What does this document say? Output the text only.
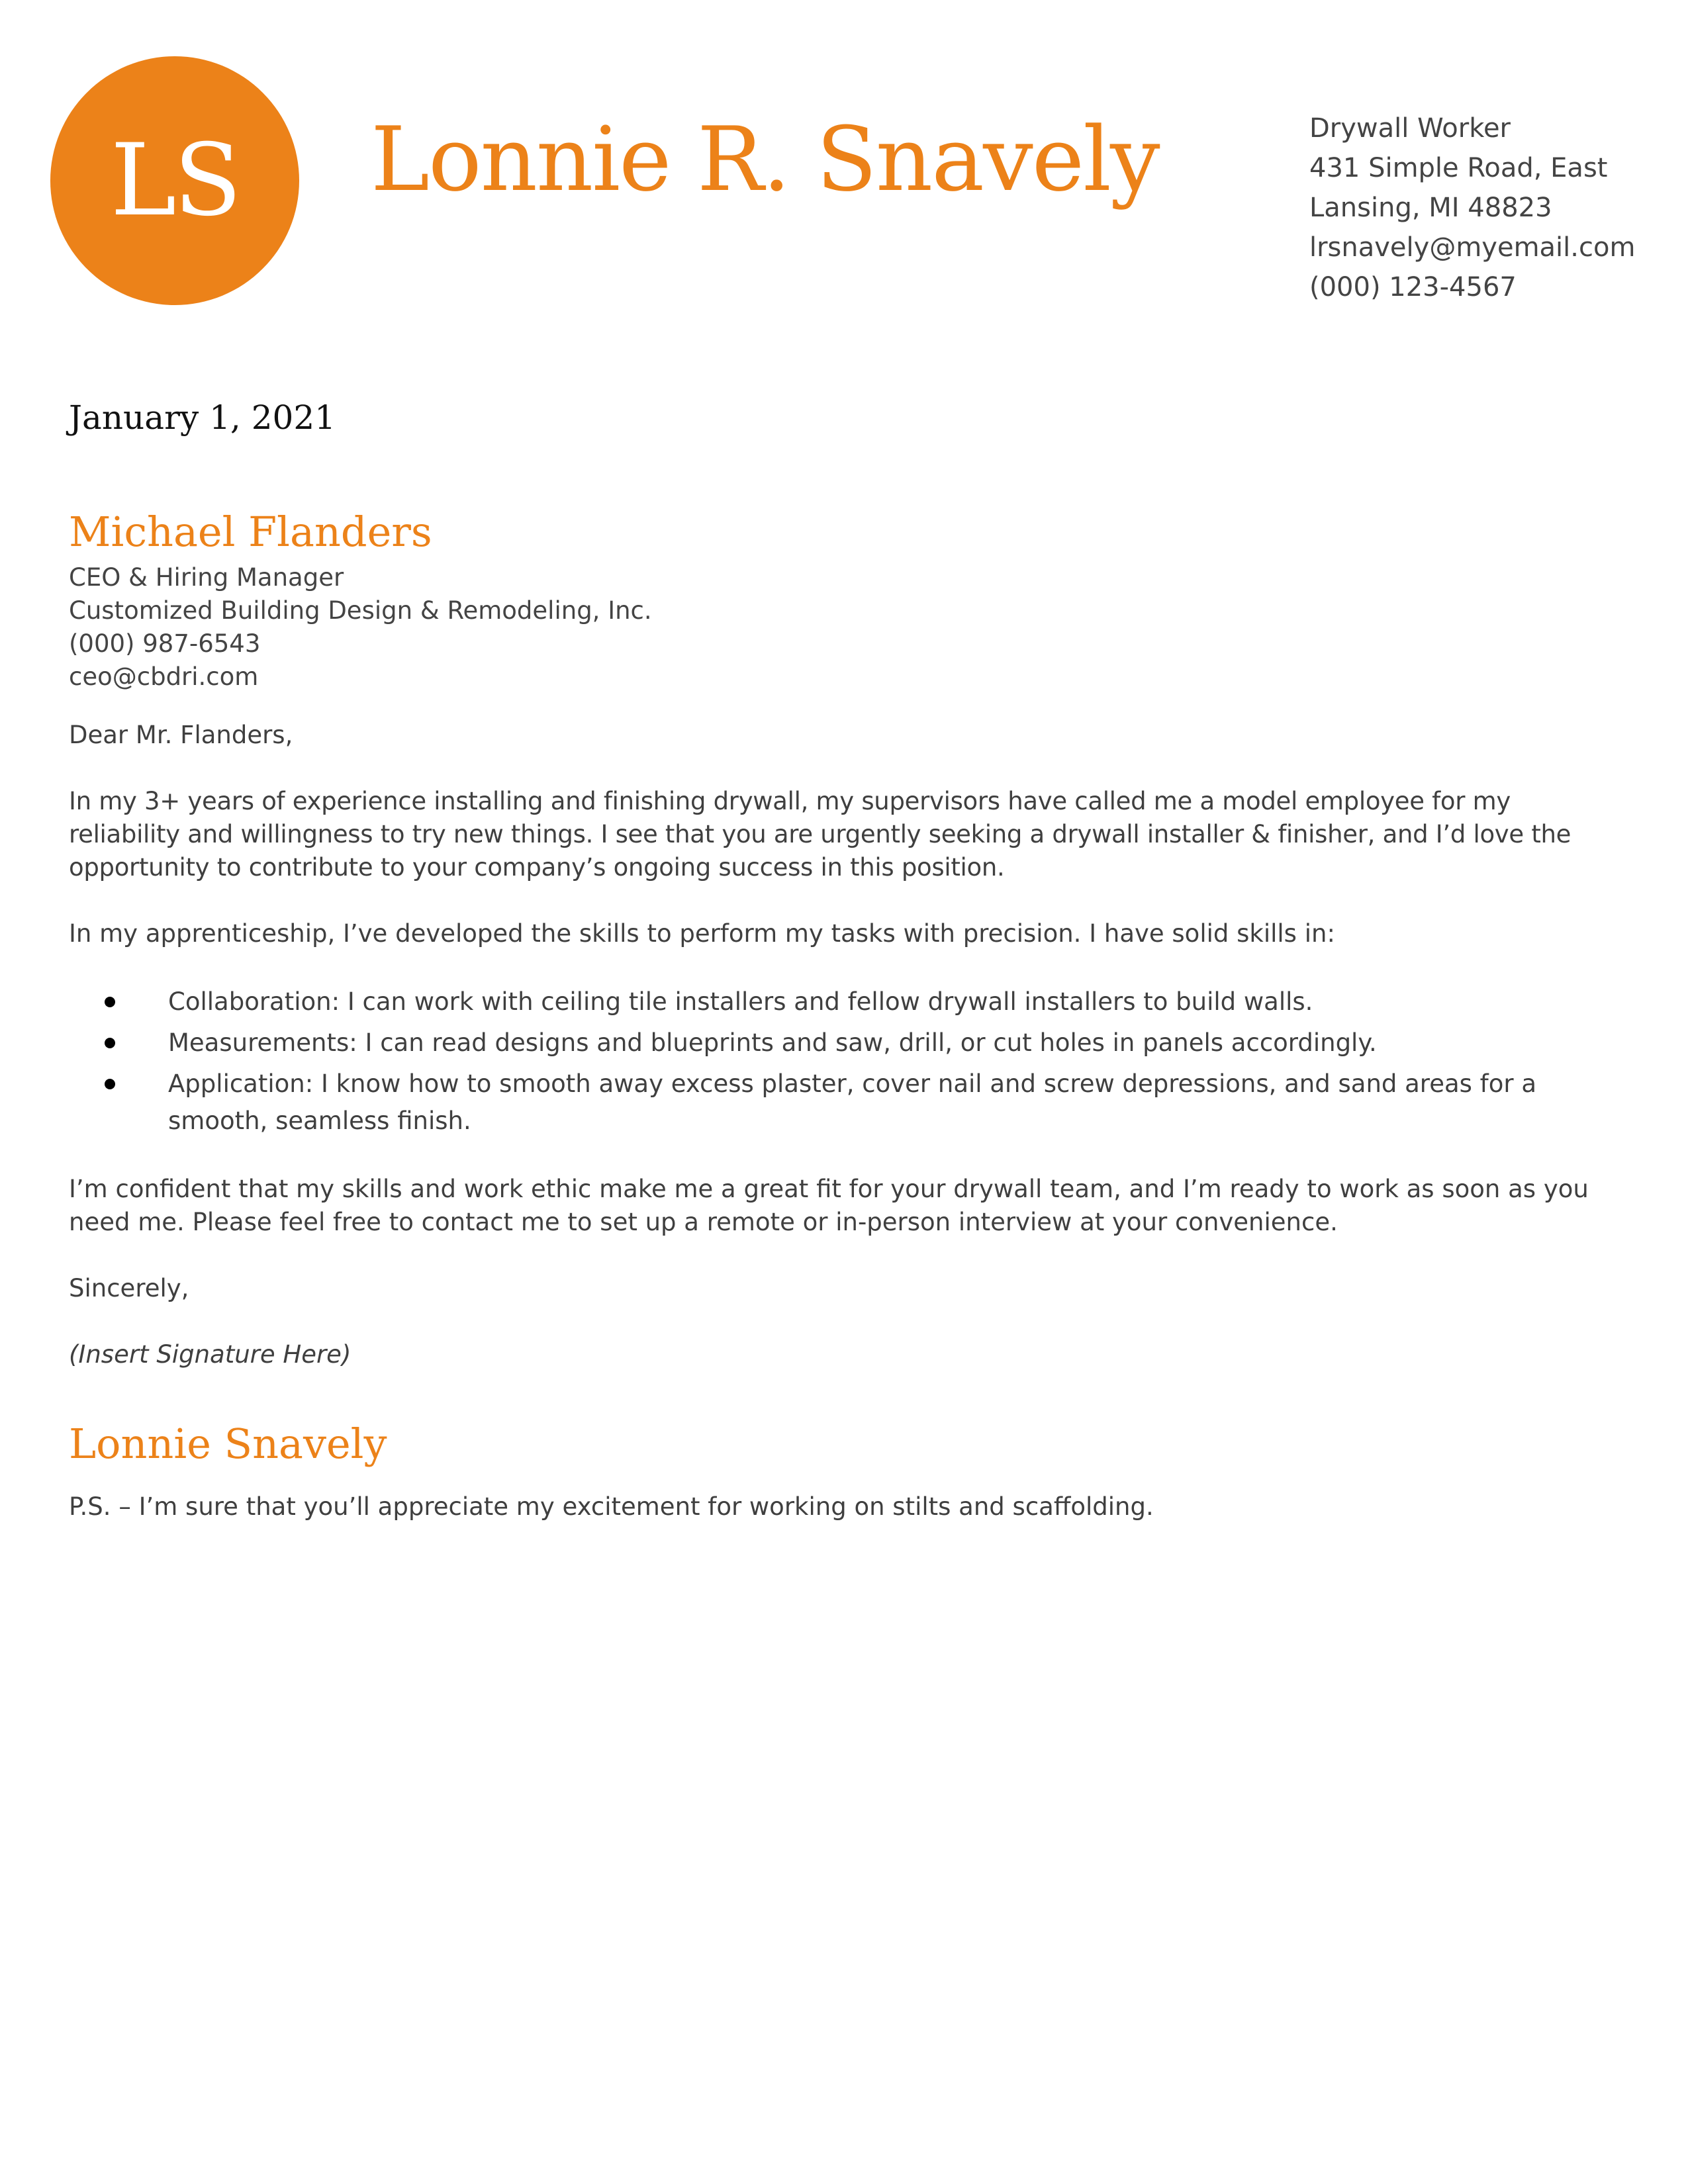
LS Lonnie R. Snavely	Drywall Worker
431 Simple Road, East
Lansing, MI 48823
lrsnavely@myemail.com
(000) 123-4567
January 1, 2021
Michael Flanders
CEO & Hiring Manager
Customized Building Design & Remodeling, Inc.
(000) 987-6543
ceo@cbdri.com

Dear Mr. Flanders,

In my 3+ years of experience installing and finishing drywall, my supervisors have called me a model employee for my reliability and willingness to try new things. I see that you are urgently seeking a drywall installer & finisher, and I’d love the opportunity to contribute to your company’s ongoing success in this position.

In my apprenticeship, I’ve developed the skills to perform my tasks with precision. I have solid skills in:

Collaboration: I can work with ceiling tile installers and fellow drywall installers to build walls.
Measurements: I can read designs and blueprints and saw, drill, or cut holes in panels accordingly.
Application: I know how to smooth away excess plaster, cover nail and screw depressions, and sand areas for a smooth, seamless finish.

I’m confident that my skills and work ethic make me a great fit for your drywall team, and I’m ready to work as soon as you need me. Please feel free to contact me to set up a remote or in-person interview at your convenience.

Sincerely,

(Insert Signature Here)

Lonnie Snavely

P.S. – I’m sure that you’ll appreciate my excitement for working on stilts and scaffolding.
